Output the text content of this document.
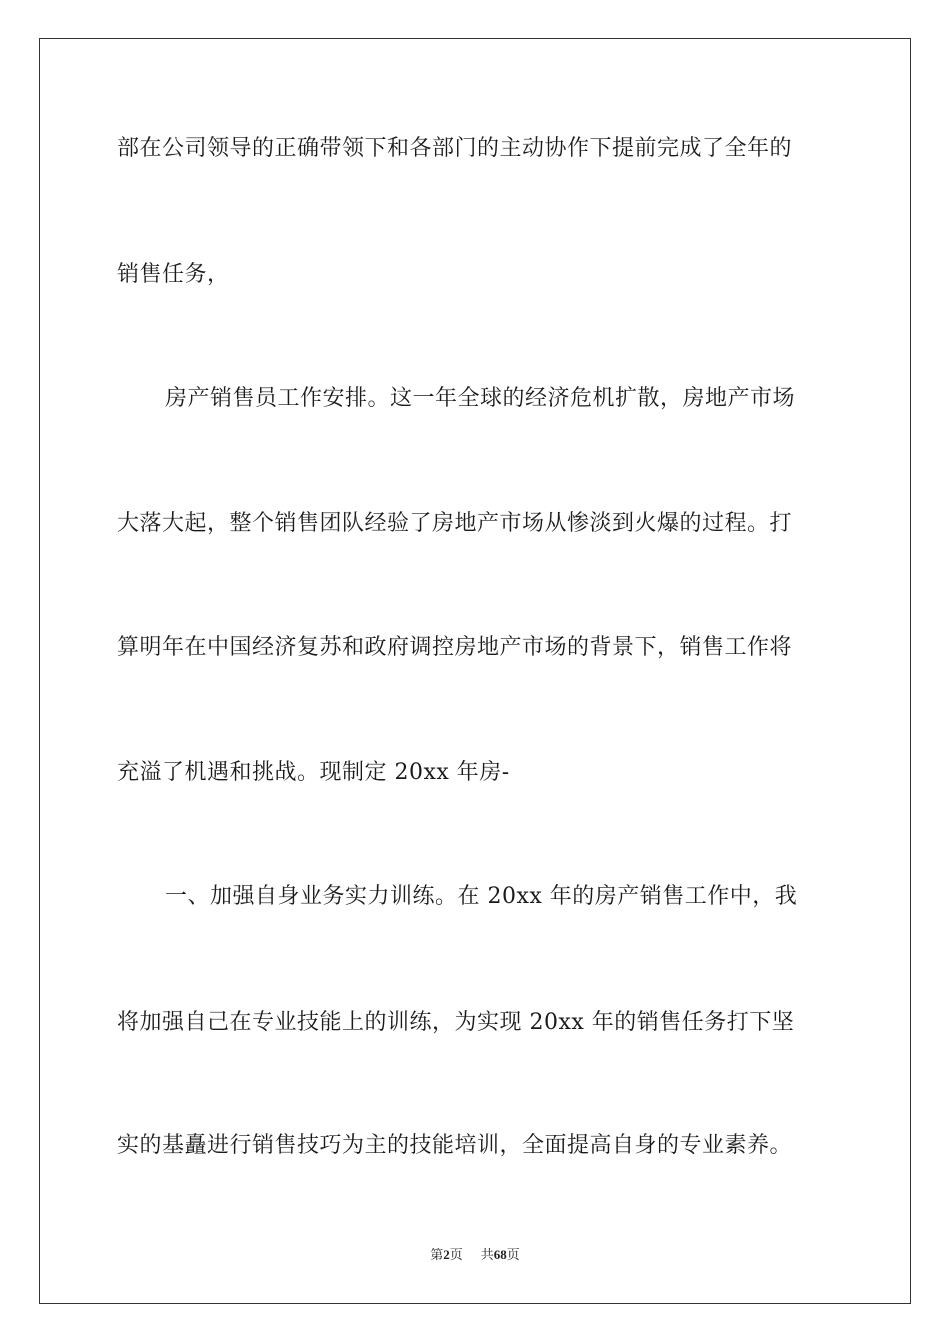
部在公司领导的正确带领下和各部门的主动协作下提前完成了全年的
销售任务，
房产销售员工作安排。这一年全球的经济危机扩散，房地产市场
大落大起，整个销售团队经验了房地产市场从惨淡到火爆的过程。打
算明年在中国经济复苏和政府调控房地产市场的背景下，销售工作将
充溢了机遇和挑战。现制定 20xx 年房-
一、加强自身业务实力训练。在 20xx 年的房产销售工作中，我
将加强自己在专业技能上的训练，为实现 20xx 年的销售任务打下坚
实的基矗进行销售技巧为主的技能培训，全面提高自身的专业素养。
第2页 共68页
